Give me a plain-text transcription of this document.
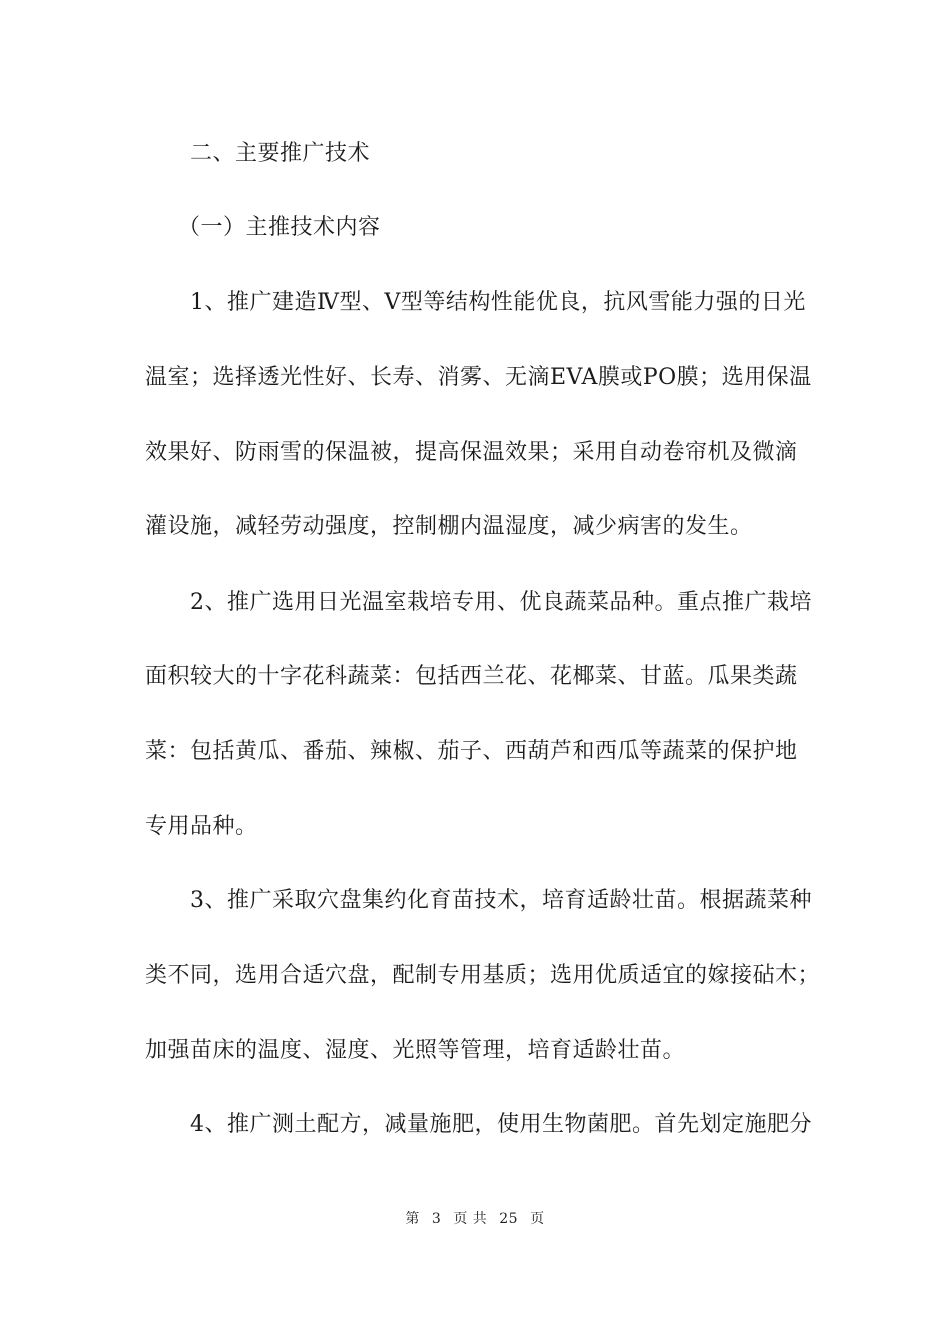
二、主要推广技术
（一）主推技术内容
1、推广建造Ⅳ型、Ⅴ型等结构性能优良，抗风雪能力强的日光
温室；选择透光性好、长寿、消雾、无滴EVA膜或PO膜；选用保温
效果好、防雨雪的保温被，提高保温效果；采用自动卷帘机及微滴
灌设施，减轻劳动强度，控制棚内温湿度，减少病害的发生。
2、推广选用日光温室栽培专用、优良蔬菜品种。重点推广栽培
面积较大的十字花科蔬菜：包括西兰花、花椰菜、甘蓝。瓜果类蔬
菜：包括黄瓜、番茄、辣椒、茄子、西葫芦和西瓜等蔬菜的保护地
专用品种。
3、推广采取穴盘集约化育苗技术，培育适龄壮苗。根据蔬菜种
类不同，选用合适穴盘，配制专用基质；选用优质适宜的嫁接砧木；
加强苗床的温度、湿度、光照等管理，培育适龄壮苗。
4、推广测土配方，减量施肥，使用生物菌肥。首先划定施肥分
第 3 页 共 25 页
